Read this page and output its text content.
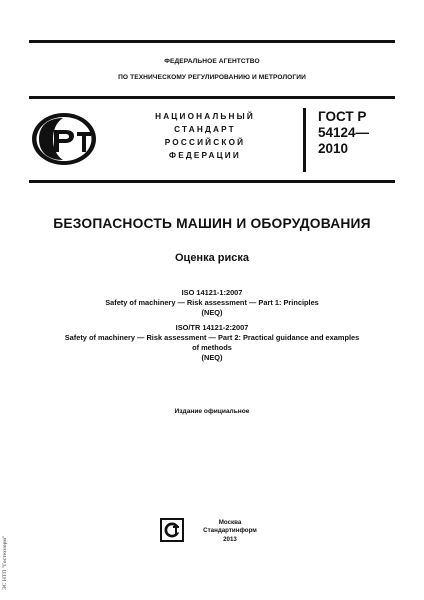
ФЕДЕРАЛЬНОЕ АГЕНТСТВО
ПО ТЕХНИЧЕСКОМУ РЕГУЛИРОВАНИЮ И МЕТРОЛОГИИ
НАЦИОНАЛЬНЫЙ
СТАНДАРТ
РОССИЙСКОЙ
ФЕДЕРАЦИИ
ГОСТ Р
54124—
2010
БЕЗОПАСНОСТЬ МАШИН И ОБОРУДОВАНИЯ
Оценка риска
ISO 14121-1:2007
Safety of machinery — Risk assessment — Part 1: Principles
(NEQ)
ISO/TR 14121-2:2007
Safety of machinery — Risk assessment — Part 2: Practical guidance and examples
of methods
(NEQ)
Издание официальное
Москва
Стандартинформ
2013
ЭС НТП "Гостехнорм"
